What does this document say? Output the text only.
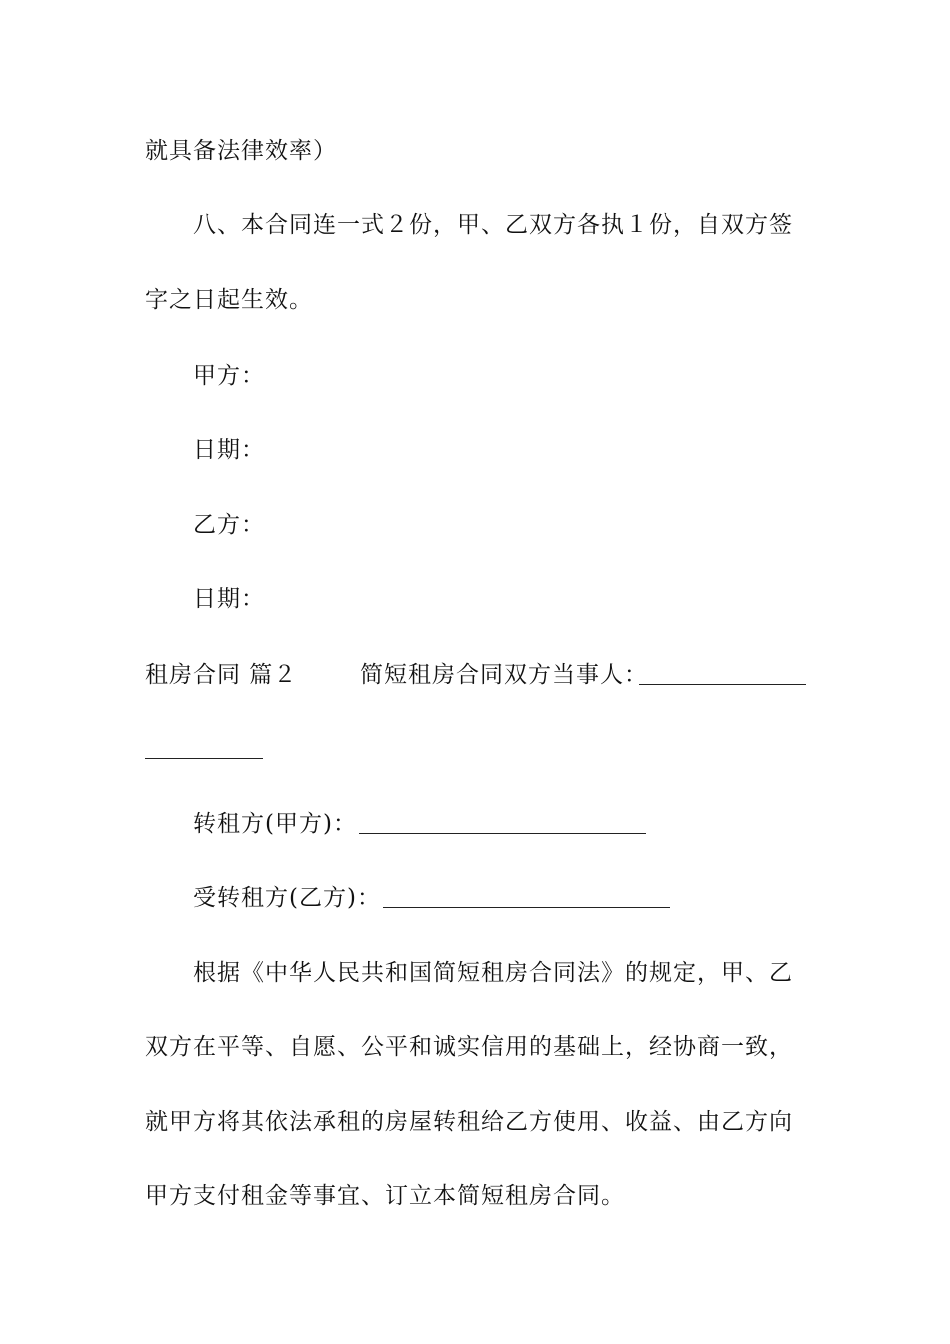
就具备法律效率）
八、本合同连一式２份，甲、乙双方各执１份，自双方签
字之日起生效。
甲方：
日期：
乙方：
日期：
租房合同 篇２	简短租房合同双方当事人：
转租方(甲方)：
受转租方(乙方)：
根据《中华人民共和国简短租房合同法》的规定，甲、乙
双方在平等、自愿、公平和诚实信用的基础上，经协商一致，
就甲方将其依法承租的房屋转租给乙方使用、收益、由乙方向
甲方支付租金等事宜、订立本简短租房合同。
